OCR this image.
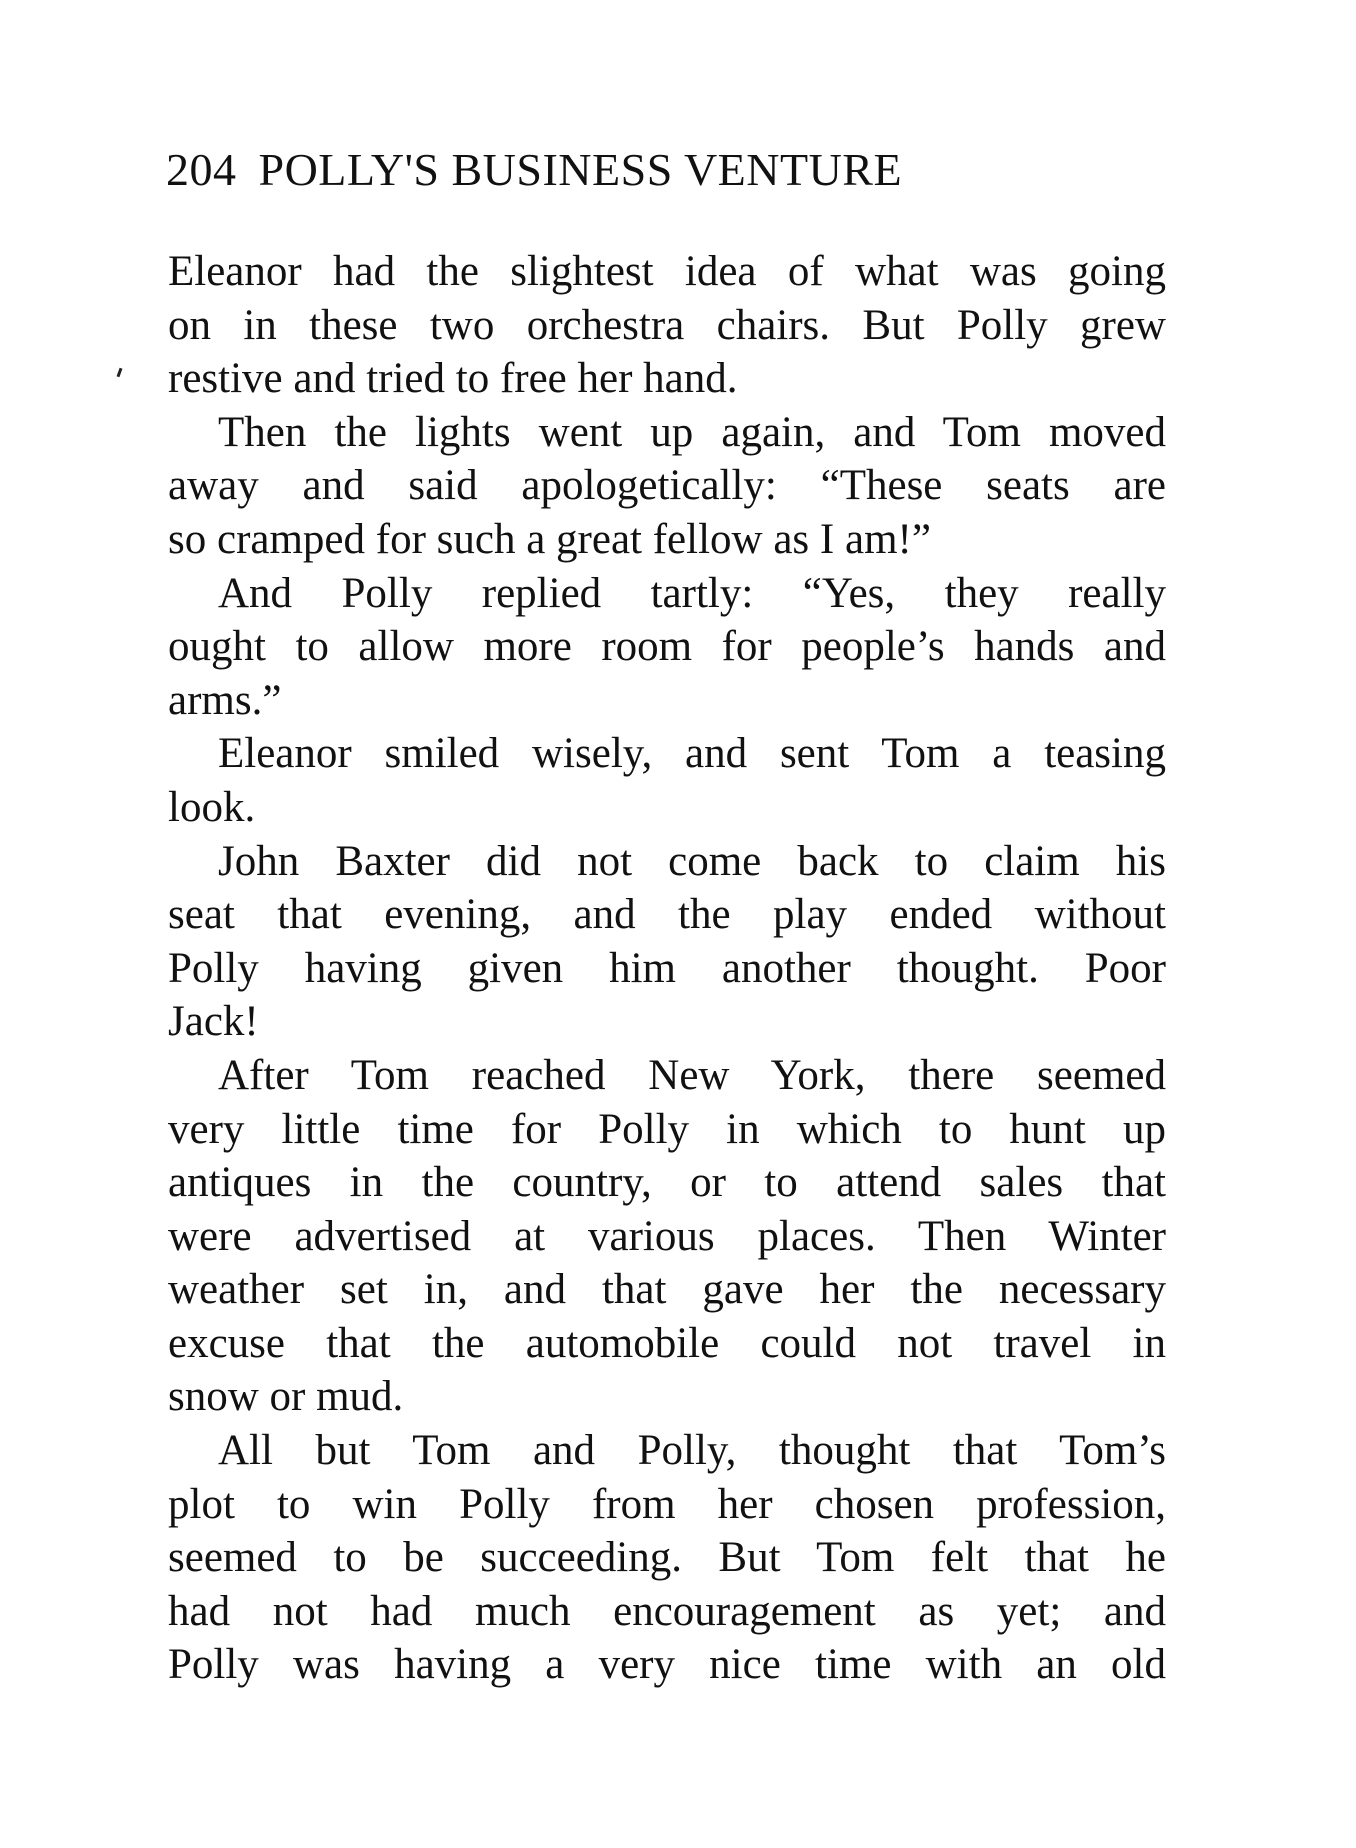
204 POLLY'S BUSINESS VENTURE
Eleanor had the slightest idea of what was going
on in these two orchestra chairs. But Polly grew
restive and tried to free her hand.
Then the lights went up again, and Tom moved
away and said apologetically: “These seats are
so cramped for such a great fellow as I am!”
And Polly replied tartly: “Yes, they really
ought to allow more room for people’s hands and
arms.”
Eleanor smiled wisely, and sent Tom a teasing
look.
John Baxter did not come back to claim his
seat that evening, and the play ended without
Polly having given him another thought. Poor
Jack!
After Tom reached New York, there seemed
very little time for Polly in which to hunt up
antiques in the country, or to attend sales that
were advertised at various places. Then Winter
weather set in, and that gave her the necessary
excuse that the automobile could not travel in
snow or mud.
All but Tom and Polly, thought that Tom’s
plot to win Polly from her chosen profession,
seemed to be succeeding. But Tom felt that he
had not had much encouragement as yet; and
Polly was having a very nice time with an old
